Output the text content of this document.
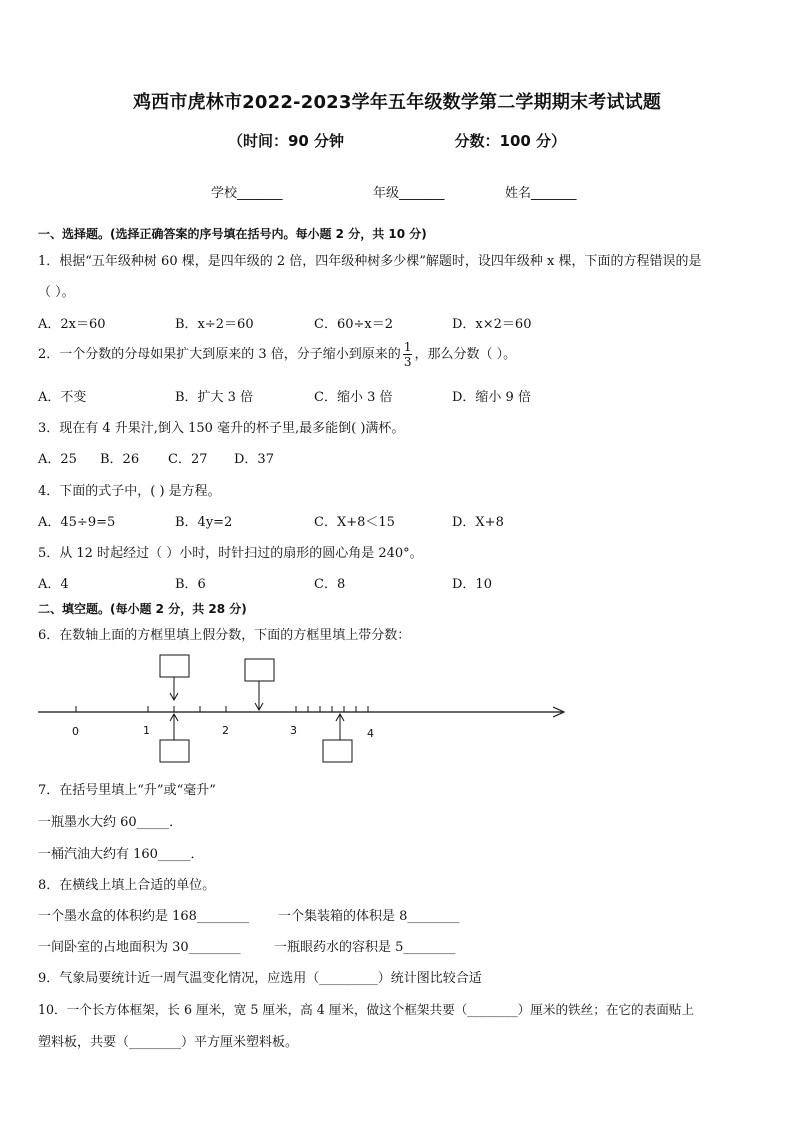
鸡西市虎林市2022-2023学年五年级数学第二学期期末考试试题
（时间：90 分钟	分数：100 分）
学校_______	年级_______	姓名_______
一、选择题。(选择正确答案的序号填在括号内。每小题 2 分，共 10 分)
1．根据“五年级种树 60 棵，是四年级的 2 倍，四年级种树多少棵”解题时，设四年级种 x 棵，下面的方程错误的是
（ ）。
A．2x＝60	B．x÷2＝60	C．60÷x＝2	D．x×2＝60
2．一个分数的分母如果扩大到原来的 3 倍，分子缩小到原来的 $\frac{1}{3}$ ，那么分数（ ）。
A．不变	B．扩大 3 倍	C．缩小 3 倍	D．缩小 9 倍
3．现在有 4 升果汁,倒入 150 毫升的杯子里,最多能倒( )满杯。
A．25 B．26 C．27 D．37
4．下面的式子中，( ) 是方程。
A．45÷9=5	B．4y=2	C．X+8＜15	D．X+8
5．从 12 时起经过（ ）小时，时针扫过的扇形的圆心角是 240°。
A．4	B．6	C．8	D．10
二、填空题。(每小题 2 分，共 28 分)
6．在数轴上面的方框里填上假分数，下面的方框里填上带分数：
0	1	2	3	4
7．在括号里填上“升”或“毫升”
一瓶墨水大约 60_____．
一桶汽油大约有 160_____．
8．在横线上填上合适的单位。
一个墨水盒的体积约是 168________ 一个集装箱的体积是 8________
一间卧室的占地面积为 30________	一瓶眼药水的容积是 5________
9．气象局要统计近一周气温变化情况，应选用（_________）统计图比较合适
10．一个长方体框架，长 6 厘米，宽 5 厘米，高 4 厘米，做这个框架共要（________）厘米的铁丝；在它的表面贴上
塑料板，共要（________）平方厘米塑料板。
